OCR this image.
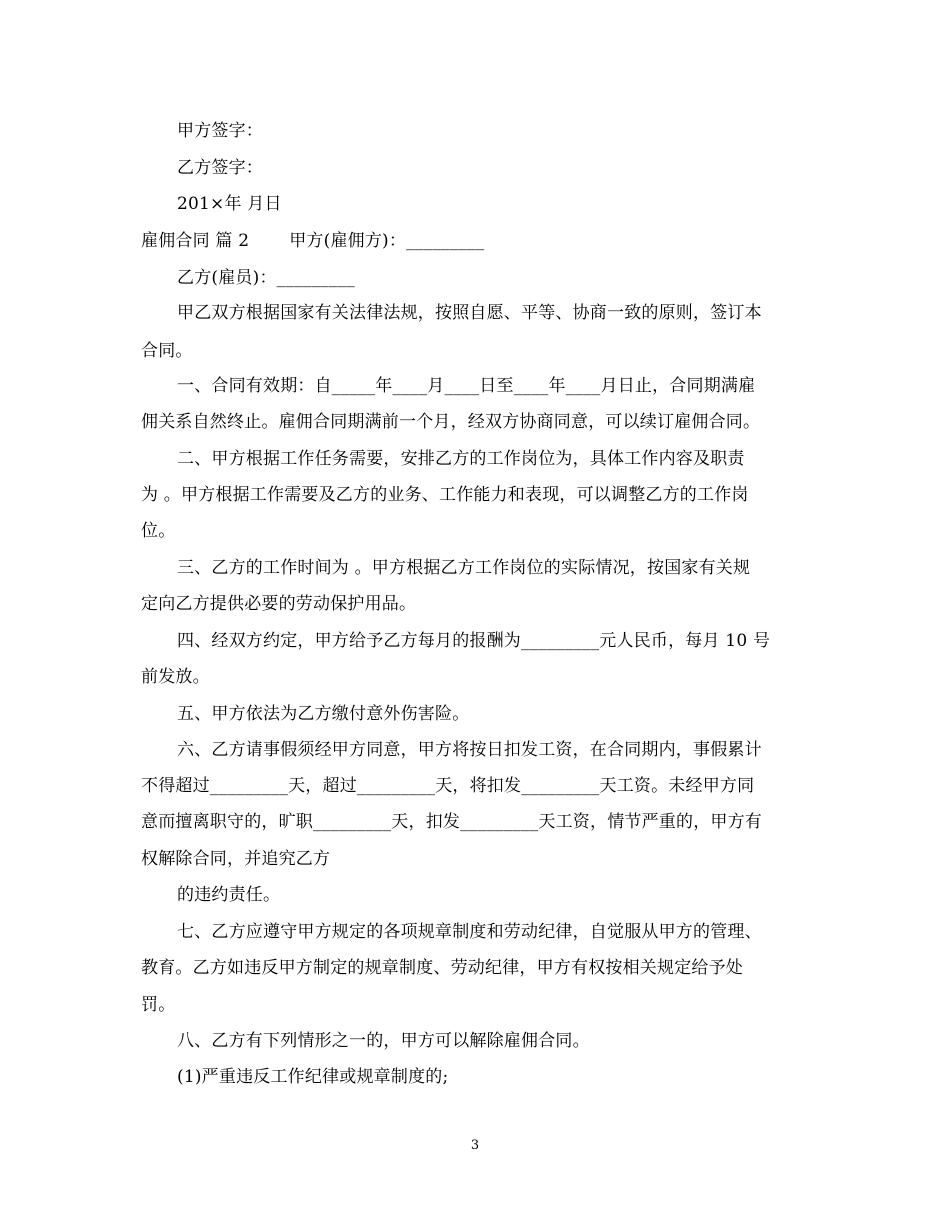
甲方签字：
乙方签字：
201×年 月日
雇佣合同 篇 2　　 甲方(雇佣方)：_________
乙方(雇员)：_________
甲乙双方根据国家有关法律法规，按照自愿、平等、协商一致的原则，签订本
合同。
一、合同有效期：自_____年____月____日至____年____月日止，合同期满雇
佣关系自然终止。雇佣合同期满前一个月，经双方协商同意，可以续订雇佣合同。
二、甲方根据工作任务需要，安排乙方的工作岗位为，具体工作内容及职责
为 。甲方根据工作需要及乙方的业务、工作能力和表现，可以调整乙方的工作岗
位。
三、乙方的工作时间为 。甲方根据乙方工作岗位的实际情况，按国家有关规
定向乙方提供必要的劳动保护用品。
四、经双方约定，甲方给予乙方每月的报酬为_________元人民币，每月 10 号
前发放。
五、甲方依法为乙方缴付意外伤害险。
六、乙方请事假须经甲方同意，甲方将按日扣发工资，在合同期内，事假累计
不得超过_________天，超过_________天，将扣发_________天工资。未经甲方同
意而擅离职守的，旷职_________天，扣发_________天工资，情节严重的，甲方有
权解除合同，并追究乙方
的违约责任。
七、乙方应遵守甲方规定的各项规章制度和劳动纪律，自觉服从甲方的管理、
教育。乙方如违反甲方制定的规章制度、劳动纪律，甲方有权按相关规定给予处
罚。
八、乙方有下列情形之一的，甲方可以解除雇佣合同。
(1)严重违反工作纪律或规章制度的;
3
